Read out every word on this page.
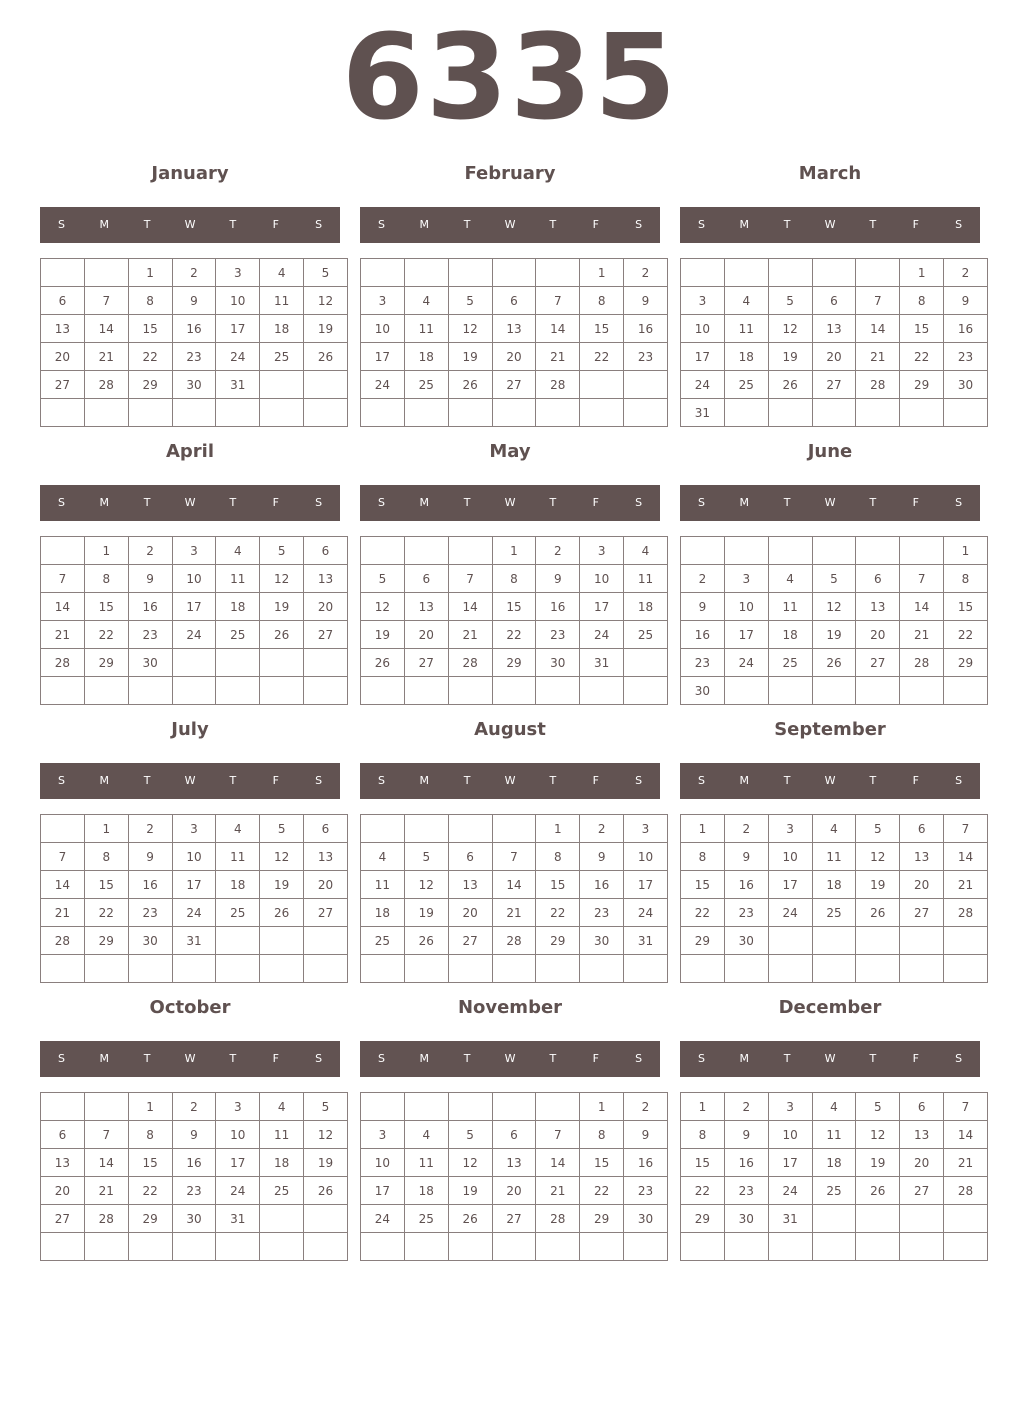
6335
January
S	M	T	W	T	F	S
		1	2	3	4	5
6	7	8	9	10	11	12
13	14	15	16	17	18	19
20	21	22	23	24	25	26
27	28	29	30	31		

February
S	M	T	W	T	F	S
					1	2
3	4	5	6	7	8	9
10	11	12	13	14	15	16
17	18	19	20	21	22	23
24	25	26	27	28		

March
S	M	T	W	T	F	S
					1	2
3	4	5	6	7	8	9
10	11	12	13	14	15	16
17	18	19	20	21	22	23
24	25	26	27	28	29	30
31						
April
S	M	T	W	T	F	S
	1	2	3	4	5	6
7	8	9	10	11	12	13
14	15	16	17	18	19	20
21	22	23	24	25	26	27
28	29	30				

May
S	M	T	W	T	F	S
			1	2	3	4
5	6	7	8	9	10	11
12	13	14	15	16	17	18
19	20	21	22	23	24	25
26	27	28	29	30	31	

June
S	M	T	W	T	F	S
						1
2	3	4	5	6	7	8
9	10	11	12	13	14	15
16	17	18	19	20	21	22
23	24	25	26	27	28	29
30						
July
S	M	T	W	T	F	S
	1	2	3	4	5	6
7	8	9	10	11	12	13
14	15	16	17	18	19	20
21	22	23	24	25	26	27
28	29	30	31			

August
S	M	T	W	T	F	S
				1	2	3
4	5	6	7	8	9	10
11	12	13	14	15	16	17
18	19	20	21	22	23	24
25	26	27	28	29	30	31

September
S	M	T	W	T	F	S
1	2	3	4	5	6	7
8	9	10	11	12	13	14
15	16	17	18	19	20	21
22	23	24	25	26	27	28
29	30					

October
S	M	T	W	T	F	S
		1	2	3	4	5
6	7	8	9	10	11	12
13	14	15	16	17	18	19
20	21	22	23	24	25	26
27	28	29	30	31		

November
S	M	T	W	T	F	S
					1	2
3	4	5	6	7	8	9
10	11	12	13	14	15	16
17	18	19	20	21	22	23
24	25	26	27	28	29	30

December
S	M	T	W	T	F	S
1	2	3	4	5	6	7
8	9	10	11	12	13	14
15	16	17	18	19	20	21
22	23	24	25	26	27	28
29	30	31				
